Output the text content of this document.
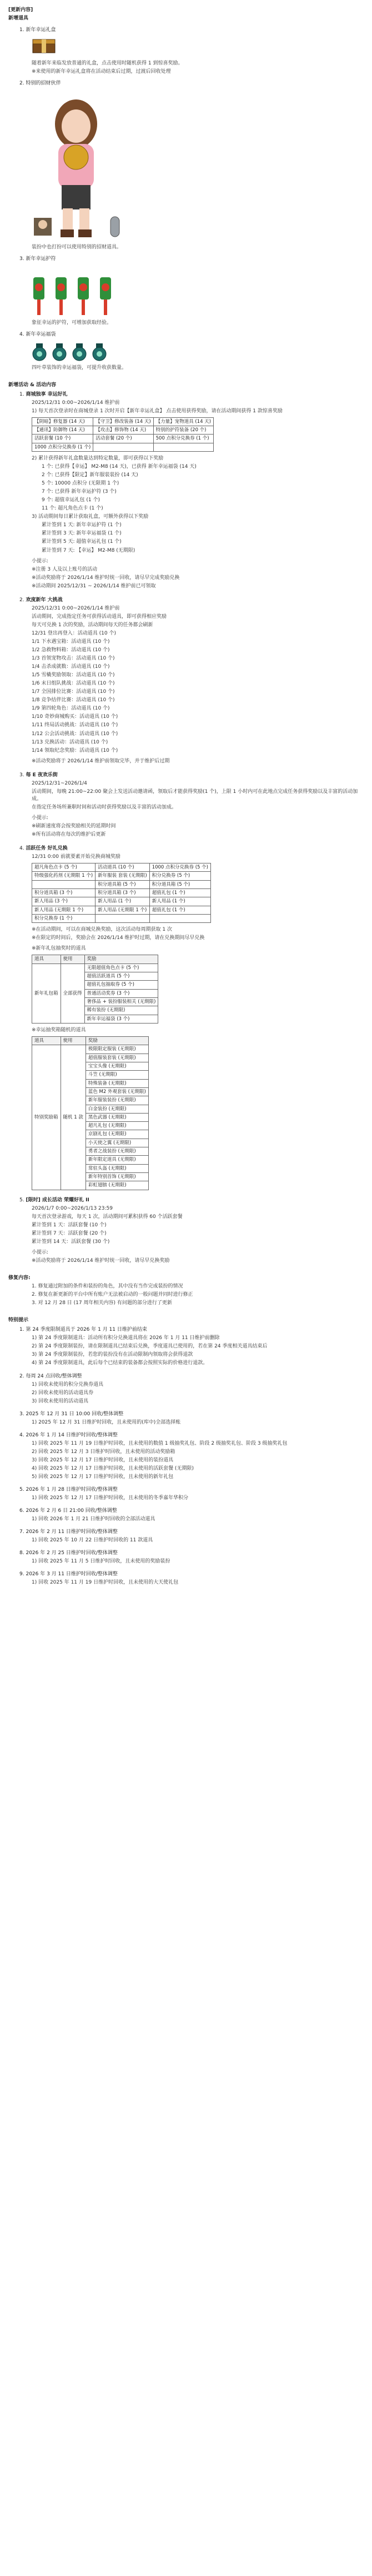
[更新内容]
新增道具
1. 新年幸运礼盒
随着新年来临发放普通的礼盒，点击使用时随机获得 1 到惊喜奖励。
※来使用的新年幸运礼盒将在活动结束后过期，过渡后回收处理
2. 特别的招财伙伴
装扮中也打扮可以使用特别的招财道具。
3. 新年幸运护符
象征幸运的护符，可增加获取经验。
4. 新年幸运福袋
四叶草装饰的幸运福袋，可提升收获数量。
新增活动 & 活动内容
1. 商城独享 幸运好礼
2025/12/31 0:00~2026/1/14 维护前
1) 每天首次登录时在商城登录 1 次时开启【新年幸运礼盒】 点击使用获得奖励，请在活动期间获得 1 款惊喜奖励
【阴暗】修复器 (14 天)	【守卫】修改装备 (14 天)	【力量】宠物道具 (14 天)
【通讯】防御物 (14 天)	【攻击】修饰物 (14 天)	特别的护符装备 (20 个)
活跃套餐 (10 个)	活动套餐 (20 个)	500 点积分兑换券 (1 个)
1000 点积分兑换券 (1 个)		
2) 累计获得新年礼盒数量达到特定数量，即可获得以下奖励
1 个: 已获得【幸运】 M2-M8 (14 天)，已获得 新年幸运福袋 (14 天)
2 个: 已获得【限定】新年服装装扮 (14 天)
5 个: 10000 点积分 (无限期 1 个)
7 个: 已获得 新年幸运护符 (3 个)
9 个: 超值幸运礼包 (1 个)
11 个: 超凡角色点卡 (1 个)
3) 活动期间每日累计获取礼盒，可额外获得以下奖励
累计签到 1 天: 新年幸运护符 (1 个)
累计签到 3 天: 新年幸运福袋 (1 个)
累计签到 5 天: 超值幸运礼包 (1 个)
累计签到 7 天: 【幸运】 M2-M8 (无期限)
小提示:
※注册 3 人及以上账号的活动
※活动奖励将于 2026/1/14 维护时统一回收，请尽早完成奖励兑换
※活动期间 2025/12/31 ~ 2026/1/14 维护前已可领取
2. 欢度新年 大挑战
2025/12/31 0:00~2026/1/14 维护前
活动期间，完成指定任务可获得活动道具，即可获得相应奖励
每天可兑换 1 次的奖励，活动期间每天的任务都会刷新
12/31 登出再登入：活动道具 (10 个)
1/1 下水遇宝箱：活动道具 (10 个)
1/2 急救物料箱：活动道具 (10 个)
1/3 首领宠物攻击：活动道具 (10 个)
1/4 击杀成就数：活动道具 (10 个)
1/5 雪橇奖励领取：活动道具 (10 个)
1/6 末日组队挑战：活动道具 (10 个)
1/7 全国排位比赛：活动道具 (10 个)
1/8 竞争结伴比赛：活动道具 (10 个)
1/9 第四轮角色：活动道具 (10 个)
1/10 奇妙商城购买：活动道具 (10 个)
1/11 终局活动挑战：活动道具 (10 个)
1/12 公会活动挑战：活动道具 (10 个)
1/13 兑换活动：活动道具 (10 个)
1/14 领取纪念奖励：活动道具 (10 个)
※活动奖励将于 2026/1/14 维护前领取完毕，并于维护后过期
3. 每 E 夜欢乐街
2025/12/31~2026/1/4
活动期间，每晚 21:00~22:00 聚会上发送活动邀请函，领取后才能获得奖励(1 个)，上限 1 小时内可在此地点完成任务获得奖励以及丰富的活动加成。
在指定任务场所兼职时间和活动时获得奖励以及丰富的活动加成。
小提示:
※刷新速度将会按奖励相关的延期时间
※所有活动将在每次的维护后更新
4. 活跃任务 好礼兑换
12/31 0:00 前就要素开始兑换商城奖励
超凡角色点卡 (5 个)	活动道具 (10 个)	1000 点积分兑换券 (5 个)
特级强化药剂 (无期限 1 个)	新年服装 套装 (无期限)	积分兑换券 (5 个)
	积分道具箱 (5 个)	积分道具箱 (5 个)
积分道具箱 (3 个)	积分道具箱 (3 个)	超值礼包 (1 个)
新人用品 (3 个)	新人用品 (1 个)	新人用品 (1 个)
新人用品 (无期限 1 个)	新人用品 (无期限 1 个)	超值礼包 (1 个)
积分兑换券 (1 个)		
※在活动期间，可以在商城兑换奖励，这次活动每周期获取 1 次
※在限定的时间后，奖励会在 2026/1/14 维护时过期，请在兑换期间尽早兑换
※新年礼包抽奖时的道具
道具	使用	奖励
新年礼包箱	全部获得	无限超值角色点卡 (5 个)
		超值活跃道具 (5 个)
		超值礼包抽取券 (5 个)
		普通活动奖券 (3 个)
		奢侈品 + 装扮服装相关 (无期限)
		稀有装扮 (无期限)
		新年幸运福袋 (3 个)
※幸运抽奖箱随机的道具
道具	使用	奖励
特别奖励箱	随机 1 款	极限限定服装 (无期限)
		超值服装套装 (无期限)
		宝宝头像 (无期限)
		斗笠 (无期限)
		特殊装备 (无期限)
		蓝色 M2 外观套装 (无期限)
		新年服装装扮 (无期限)
		白金装扮 (无期限)
		黑色武器 (无期限)
		超凡礼包 (无期限)
		京剧礼包 (无期限)
		小天使之翼 (无期限)
		勇者之战装扮 (无期限)
		新年限定道具 (无期限)
		常驻头盔 (无期限)
		新年特别首饰 (无期限)
		彩虹翅膀 (无期限)
5. [限时] 成长活动 荣耀好礼 II
2026/1/7 0:00~2026/1/13 23:59
每天首次登录游戏，每天 1 次，活动期间可累积获得 60 个活跃套餐
累计签到 1 天：活跃套餐 (10 个)
累计签到 7 天：活跃套餐 (20 个)
累计签到 14 天：活跃套餐 (30 个)
小提示:
※活动奖励将于 2026/1/14 维护时统一回收，请尽早兑换奖励
修复内容:
1. 修复通过附加的条件和装扮的角色，其中没有当作完成装扮的情况
2. 修复在新更新的平台中所有账户无法被启动的一般问题并同时进行修正
3. 对 12 月 28 日 (17 周年相关内容) 有问题的部分进行了更新
特别提示
1. 第 24 季度限制道具于 2026 年 1 月 11 日维护前结束
1) 第 24 季度限制道具：活动所有积分兑换道具将在 2026 年 1 月 11 日维护前删除
2) 第 24 季度限制装扮，请在限制道具已结束后兑换，季度道具已使用的，若在第 24 季度相关道具结束后
3) 第 24 季度限制装扮，若您的装扮没有在活动限制内领取将会获得退款
4) 第 24 季度限制道具，此后每个已结束的装备都会按照实际的价格进行退款。
2. 每周 24 点回收/整体调整
1) 回收未使用的积分兑换券道具
2) 回收未使用的活动道具券
3) 回收未使用的活动道具
3. 2025 年 12 月 31 日 10:00 回收/整体调整
1) 2025 年 12 月 31 日维护时回收，且未使用的(库中)全部选择账
4. 2026 年 1 月 14 日维护时回收/整体调整
1) 回收 2025 年 11 月 19 日维护时回收，且未使用的数值 1 级抽奖礼包、阶段 2 级抽奖礼包、阶段 3 级抽奖礼包
2) 回收 2025 年 12 月 3 日维护时回收，且未使用的活动奖励箱
3) 回收 2025 年 12 月 17 日维护时回收，且未使用的装扮道具
4) 回收 2025 年 12 月 17 日维护时回收，且未使用的活跃套餐 (无期限)
5) 回收 2025 年 12 月 17 日维护时回收，且未使用的新年礼包
5. 2026 年 1 月 28 日维护时回收/整体调整
1) 回收 2025 年 12 月 17 日维护时回收，且未使用的冬季嘉年华积分
6. 2026 年 2 月 6 日 21:00 回收/整体调整
1) 回收 2026 年 1 月 21 日维护时回收的全部活动道具
7. 2026 年 2 月 11 日维护时回收/整体调整
1) 回收 2025 年 10 月 22 日维护时回收的 11 款道具
8. 2026 年 2 月 25 日维护时回收/整体调整
1) 回收 2025 年 11 月 5 日维护时回收，且未使用的奖励装扮
9. 2026 年 3 月 11 日维护时回收/整体调整
1) 回收 2025 年 11 月 19 日维护时回收，且未使用的大天使礼包
